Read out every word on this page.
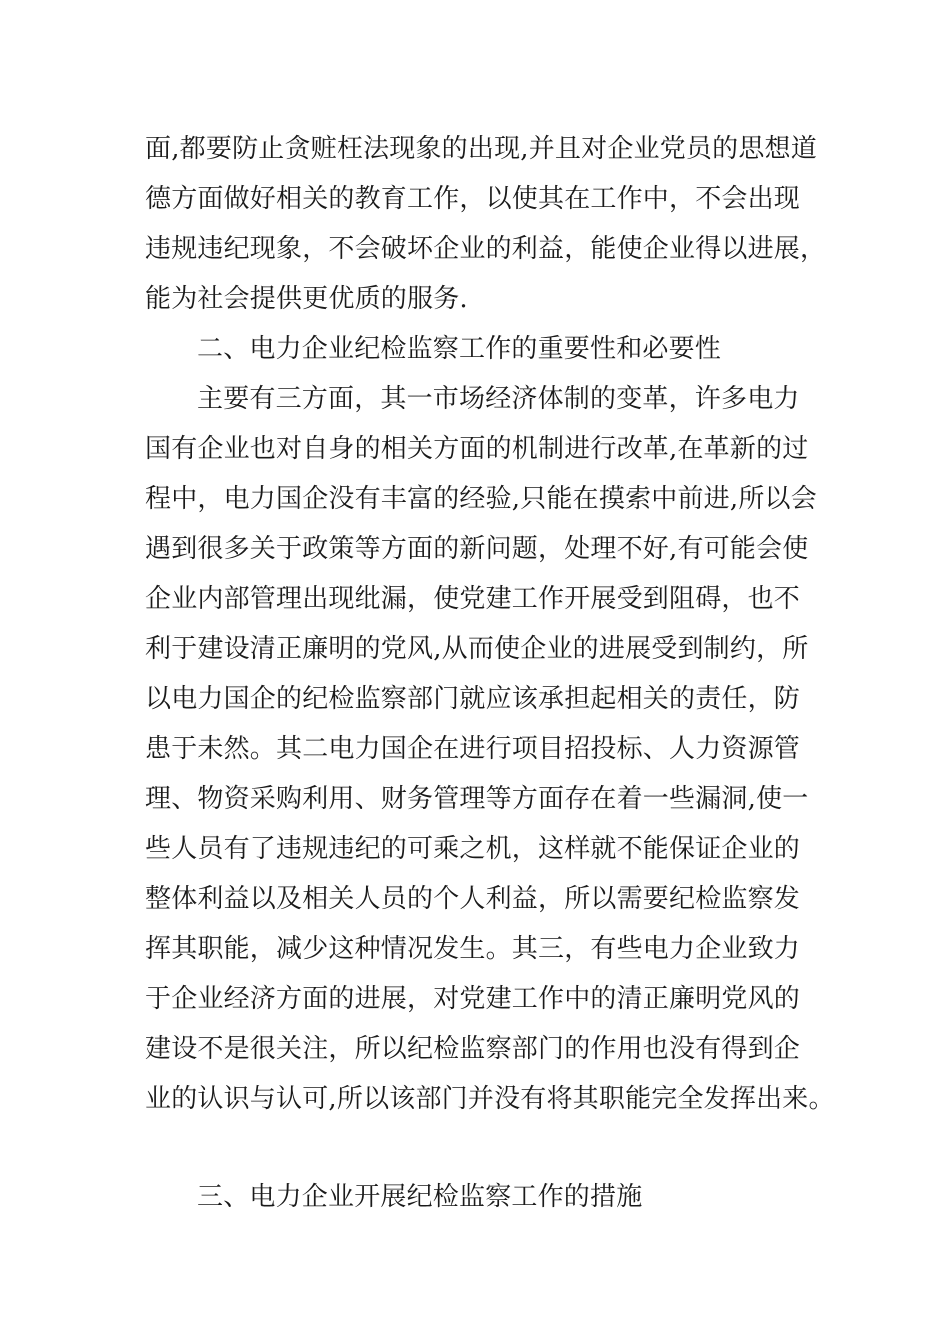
面,都要防止贪赃枉法现象的出现,并且对企业党员的思想道
德方面做好相关的教育工作，以使其在工作中，不会出现
违规违纪现象，不会破坏企业的利益，能使企业得以进展，
能为社会提供更优质的服务.
二、电力企业纪检监察工作的重要性和必要性
主要有三方面，其一市场经济体制的变革，许多电力
国有企业也对自身的相关方面的机制进行改革,在革新的过
程中，电力国企没有丰富的经验,只能在摸索中前进,所以会
遇到很多关于政策等方面的新问题，处理不好,有可能会使
企业内部管理出现纰漏，使党建工作开展受到阻碍，也不
利于建设清正廉明的党风,从而使企业的进展受到制约，所
以电力国企的纪检监察部门就应该承担起相关的责任，防
患于未然。其二电力国企在进行项目招投标、人力资源管
理、物资采购利用、财务管理等方面存在着一些漏洞,使一
些人员有了违规违纪的可乘之机，这样就不能保证企业的
整体利益以及相关人员的个人利益，所以需要纪检监察发
挥其职能，减少这种情况发生。其三，有些电力企业致力
于企业经济方面的进展，对党建工作中的清正廉明党风的
建设不是很关注，所以纪检监察部门的作用也没有得到企
业的认识与认可,所以该部门并没有将其职能完全发挥出来。
三、电力企业开展纪检监察工作的措施
